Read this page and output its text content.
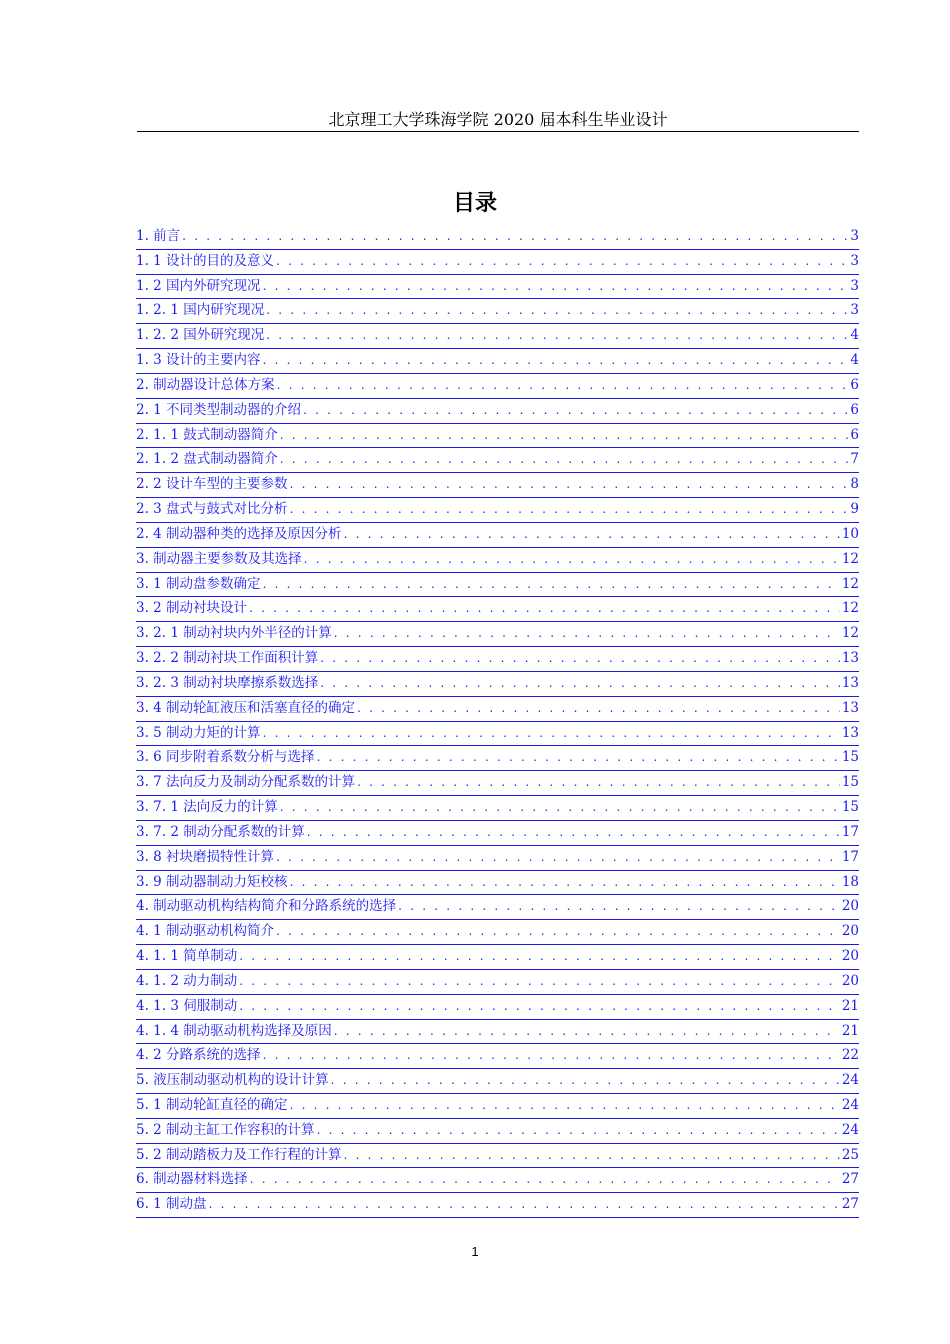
北京理工大学珠海学院 2020 届本科生毕业设计
目录
1. 前言 . . .	3
1. 1 设计的目的及意义 . . .	3
1. 2 国内外研究现况 . . .	3
1. 2. 1 国内研究现况 . . .	3
1. 2. 2 国外研究现况 . . .	4
1. 3 设计的主要内容 . . .	4
2. 制动器设计总体方案 . . .	6
2. 1 不同类型制动器的介绍 . . .	6
2. 1. 1 鼓式制动器简介 . . .	6
2. 1. 2 盘式制动器简介 . . .	7
2. 2 设计车型的主要参数 . . .	8
2. 3 盘式与鼓式对比分析 . . .	9
2. 4 制动器种类的选择及原因分析 . . .	10
3. 制动器主要参数及其选择 . . .	12
3. 1 制动盘参数确定 . . .	12
3. 2 制动衬块设计 . . .	12
3. 2. 1 制动衬块内外半径的计算 . . .	12
3. 2. 2 制动衬块工作面积计算 . . .	13
3. 2. 3 制动衬块摩擦系数选择 . . .	13
3. 4 制动轮缸液压和活塞直径的确定 . . .	13
3. 5 制动力矩的计算 . . .	13
3. 6 同步附着系数分析与选择 . . .	15
3. 7 法向反力及制动分配系数的计算 . . .	15
3. 7. 1 法向反力的计算 . . .	15
3. 7. 2 制动分配系数的计算 . . .	17
3. 8 衬块磨损特性计算 . . .	17
3. 9 制动器制动力矩校核 . . .	18
4. 制动驱动机构结构简介和分路系统的选择 . . .	20
4. 1 制动驱动机构简介 . . .	20
4. 1. 1 简单制动 . . .	20
4. 1. 2 动力制动 . . .	20
4. 1. 3 伺服制动 . . .	21
4. 1. 4 制动驱动机构选择及原因 . . .	21
4. 2 分路系统的选择 . . .	22
5. 液压制动驱动机构的设计计算 . . .	24
5. 1 制动轮缸直径的确定 . . .	24
5. 2 制动主缸工作容积的计算 . . .	24
5. 2 制动踏板力及工作行程的计算 . . .	25
6. 制动器材料选择 . . .	27
6. 1 制动盘 . . .	27
1
